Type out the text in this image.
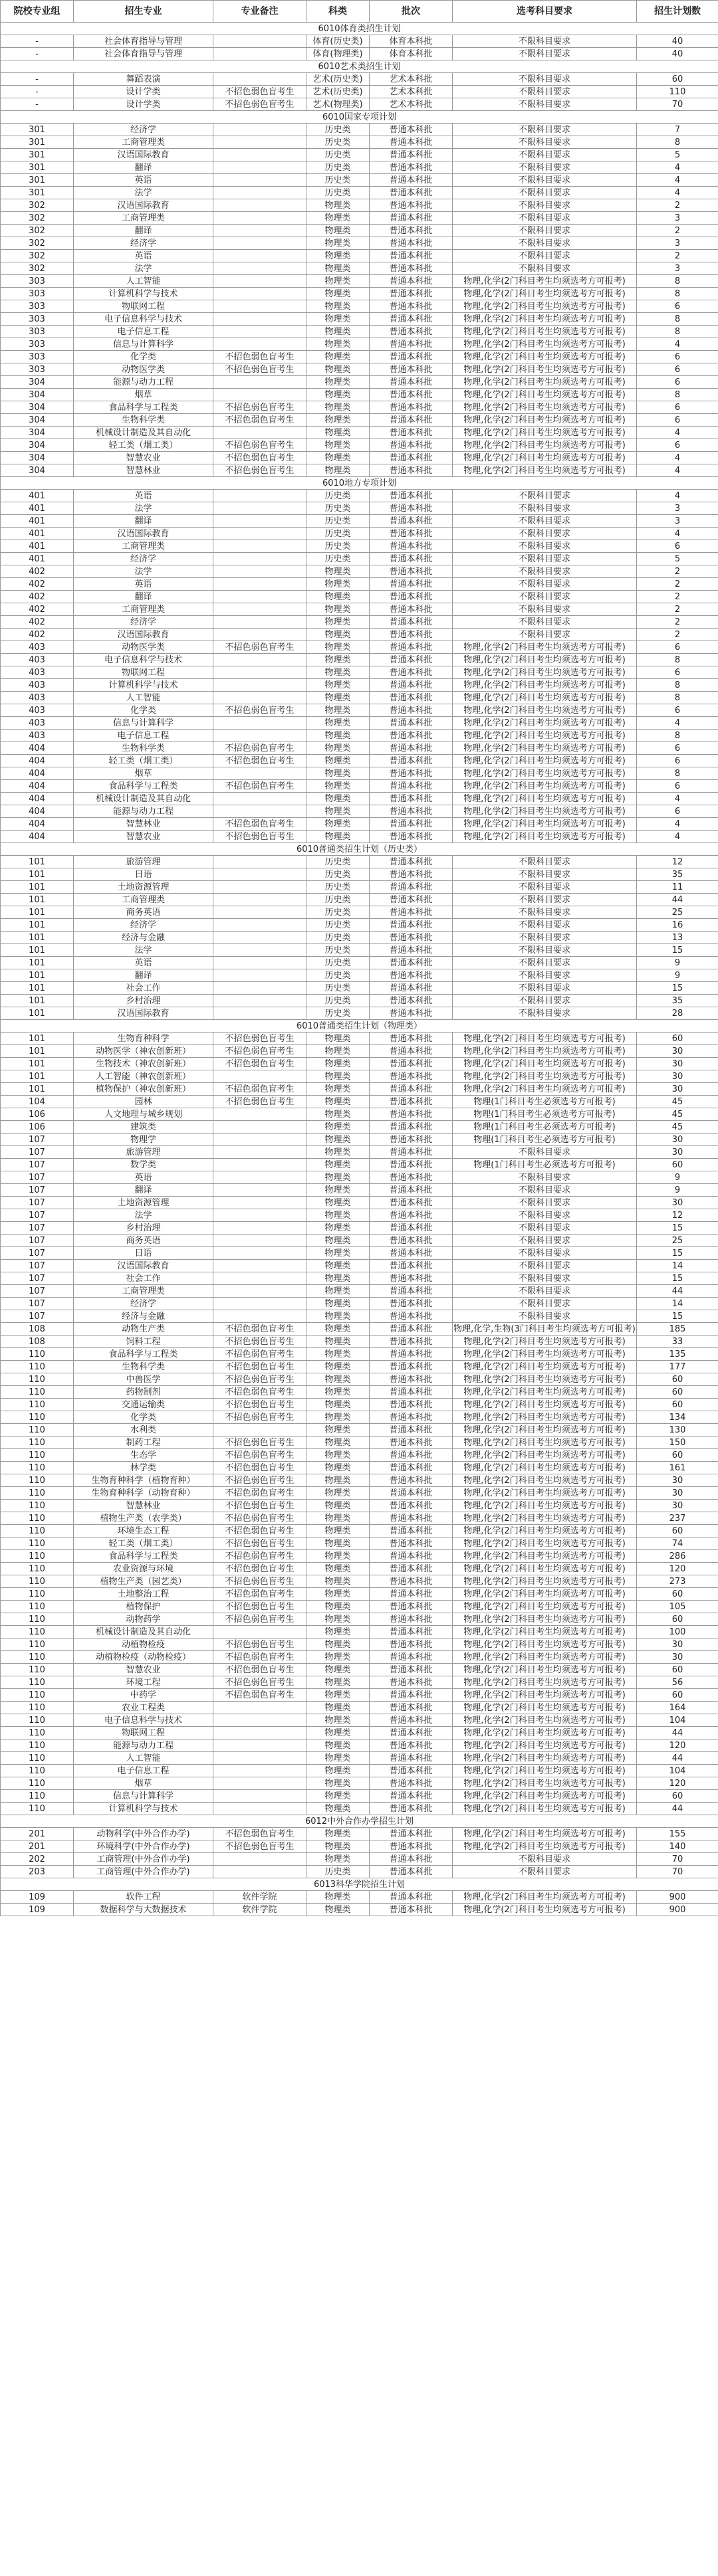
院校专业组	招生专业	专业备注	科类	批次	选考科目要求	招生计划数
6010体育类招生计划						
-	社会体育指导与管理		体育(历史类)	体育本科批	不限科目要求	40
-	社会体育指导与管理		体育(物理类)	体育本科批	不限科目要求	40
6010艺术类招生计划						
-	舞蹈表演		艺术(历史类)	艺术本科批	不限科目要求	60
-	设计学类	不招色弱色盲考生	艺术(历史类)	艺术本科批	不限科目要求	110
-	设计学类	不招色弱色盲考生	艺术(物理类)	艺术本科批	不限科目要求	70
6010国家专项计划						
301	经济学		历史类	普通本科批	不限科目要求	7
301	工商管理类		历史类	普通本科批	不限科目要求	8
301	汉语国际教育		历史类	普通本科批	不限科目要求	5
301	翻译		历史类	普通本科批	不限科目要求	4
301	英语		历史类	普通本科批	不限科目要求	4
301	法学		历史类	普通本科批	不限科目要求	4
302	汉语国际教育		物理类	普通本科批	不限科目要求	2
302	工商管理类		物理类	普通本科批	不限科目要求	3
302	翻译		物理类	普通本科批	不限科目要求	2
302	经济学		物理类	普通本科批	不限科目要求	3
302	英语		物理类	普通本科批	不限科目要求	2
302	法学		物理类	普通本科批	不限科目要求	3
303	人工智能		物理类	普通本科批	物理,化学(2门科目考生均须选考方可报考)	8
303	计算机科学与技术		物理类	普通本科批	物理,化学(2门科目考生均须选考方可报考)	8
303	物联网工程		物理类	普通本科批	物理,化学(2门科目考生均须选考方可报考)	6
303	电子信息科学与技术		物理类	普通本科批	物理,化学(2门科目考生均须选考方可报考)	8
303	电子信息工程		物理类	普通本科批	物理,化学(2门科目考生均须选考方可报考)	8
303	信息与计算科学		物理类	普通本科批	物理,化学(2门科目考生均须选考方可报考)	4
303	化学类	不招色弱色盲考生	物理类	普通本科批	物理,化学(2门科目考生均须选考方可报考)	6
303	动物医学类	不招色弱色盲考生	物理类	普通本科批	物理,化学(2门科目考生均须选考方可报考)	6
304	能源与动力工程		物理类	普通本科批	物理,化学(2门科目考生均须选考方可报考)	6
304	烟草		物理类	普通本科批	物理,化学(2门科目考生均须选考方可报考)	8
304	食品科学与工程类	不招色弱色盲考生	物理类	普通本科批	物理,化学(2门科目考生均须选考方可报考)	6
304	生物科学类	不招色弱色盲考生	物理类	普通本科批	物理,化学(2门科目考生均须选考方可报考)	6
304	机械设计制造及其自动化		物理类	普通本科批	物理,化学(2门科目考生均须选考方可报考)	4
304	轻工类（烟工类）	不招色弱色盲考生	物理类	普通本科批	物理,化学(2门科目考生均须选考方可报考)	6
304	智慧农业	不招色弱色盲考生	物理类	普通本科批	物理,化学(2门科目考生均须选考方可报考)	4
304	智慧林业	不招色弱色盲考生	物理类	普通本科批	物理,化学(2门科目考生均须选考方可报考)	4
6010地方专项计划						
401	英语		历史类	普通本科批	不限科目要求	4
401	法学		历史类	普通本科批	不限科目要求	3
401	翻译		历史类	普通本科批	不限科目要求	3
401	汉语国际教育		历史类	普通本科批	不限科目要求	4
401	工商管理类		历史类	普通本科批	不限科目要求	6
401	经济学		历史类	普通本科批	不限科目要求	5
402	法学		物理类	普通本科批	不限科目要求	2
402	英语		物理类	普通本科批	不限科目要求	2
402	翻译		物理类	普通本科批	不限科目要求	2
402	工商管理类		物理类	普通本科批	不限科目要求	2
402	经济学		物理类	普通本科批	不限科目要求	2
402	汉语国际教育		物理类	普通本科批	不限科目要求	2
403	动物医学类	不招色弱色盲考生	物理类	普通本科批	物理,化学(2门科目考生均须选考方可报考)	6
403	电子信息科学与技术		物理类	普通本科批	物理,化学(2门科目考生均须选考方可报考)	8
403	物联网工程		物理类	普通本科批	物理,化学(2门科目考生均须选考方可报考)	6
403	计算机科学与技术		物理类	普通本科批	物理,化学(2门科目考生均须选考方可报考)	8
403	人工智能		物理类	普通本科批	物理,化学(2门科目考生均须选考方可报考)	8
403	化学类	不招色弱色盲考生	物理类	普通本科批	物理,化学(2门科目考生均须选考方可报考)	6
403	信息与计算科学		物理类	普通本科批	物理,化学(2门科目考生均须选考方可报考)	4
403	电子信息工程		物理类	普通本科批	物理,化学(2门科目考生均须选考方可报考)	8
404	生物科学类	不招色弱色盲考生	物理类	普通本科批	物理,化学(2门科目考生均须选考方可报考)	6
404	轻工类（烟工类）	不招色弱色盲考生	物理类	普通本科批	物理,化学(2门科目考生均须选考方可报考)	6
404	烟草		物理类	普通本科批	物理,化学(2门科目考生均须选考方可报考)	8
404	食品科学与工程类	不招色弱色盲考生	物理类	普通本科批	物理,化学(2门科目考生均须选考方可报考)	6
404	机械设计制造及其自动化		物理类	普通本科批	物理,化学(2门科目考生均须选考方可报考)	4
404	能源与动力工程		物理类	普通本科批	物理,化学(2门科目考生均须选考方可报考)	6
404	智慧林业	不招色弱色盲考生	物理类	普通本科批	物理,化学(2门科目考生均须选考方可报考)	4
404	智慧农业	不招色弱色盲考生	物理类	普通本科批	物理,化学(2门科目考生均须选考方可报考)	4
6010普通类招生计划（历史类）						
101	旅游管理		历史类	普通本科批	不限科目要求	12
101	日语		历史类	普通本科批	不限科目要求	35
101	土地资源管理		历史类	普通本科批	不限科目要求	11
101	工商管理类		历史类	普通本科批	不限科目要求	44
101	商务英语		历史类	普通本科批	不限科目要求	25
101	经济学		历史类	普通本科批	不限科目要求	16
101	经济与金融		历史类	普通本科批	不限科目要求	13
101	法学		历史类	普通本科批	不限科目要求	15
101	英语		历史类	普通本科批	不限科目要求	9
101	翻译		历史类	普通本科批	不限科目要求	9
101	社会工作		历史类	普通本科批	不限科目要求	15
101	乡村治理		历史类	普通本科批	不限科目要求	35
101	汉语国际教育		历史类	普通本科批	不限科目要求	28
6010普通类招生计划（物理类）						
101	生物育种科学	不招色弱色盲考生	物理类	普通本科批	物理,化学(2门科目考生均须选考方可报考)	60
101	动物医学（神农创新班）	不招色弱色盲考生	物理类	普通本科批	物理,化学(2门科目考生均须选考方可报考)	30
101	生物技术（神农创新班）	不招色弱色盲考生	物理类	普通本科批	物理,化学(2门科目考生均须选考方可报考)	30
101	人工智能（神农创新班）		物理类	普通本科批	物理,化学(2门科目考生均须选考方可报考)	30
101	植物保护（神农创新班）	不招色弱色盲考生	物理类	普通本科批	物理,化学(2门科目考生均须选考方可报考)	30
104	园林	不招色弱色盲考生	物理类	普通本科批	物理(1门科目考生必须选考方可报考)	45
106	人文地理与城乡规划		物理类	普通本科批	物理(1门科目考生必须选考方可报考)	45
106	建筑类		物理类	普通本科批	物理(1门科目考生必须选考方可报考)	45
107	物理学		物理类	普通本科批	物理(1门科目考生必须选考方可报考)	30
107	旅游管理		物理类	普通本科批	不限科目要求	30
107	数学类		物理类	普通本科批	物理(1门科目考生必须选考方可报考)	60
107	英语		物理类	普通本科批	不限科目要求	9
107	翻译		物理类	普通本科批	不限科目要求	9
107	土地资源管理		物理类	普通本科批	不限科目要求	30
107	法学		物理类	普通本科批	不限科目要求	12
107	乡村治理		物理类	普通本科批	不限科目要求	15
107	商务英语		物理类	普通本科批	不限科目要求	25
107	日语		物理类	普通本科批	不限科目要求	15
107	汉语国际教育		物理类	普通本科批	不限科目要求	14
107	社会工作		物理类	普通本科批	不限科目要求	15
107	工商管理类		物理类	普通本科批	不限科目要求	44
107	经济学		物理类	普通本科批	不限科目要求	14
107	经济与金融		物理类	普通本科批	不限科目要求	15
108	动物生产类	不招色弱色盲考生	物理类	普通本科批	物理,化学,生物(3门科目考生均须选考方可报考)	185
108	饲料工程	不招色弱色盲考生	物理类	普通本科批	物理,化学(2门科目考生均须选考方可报考)	33
110	食品科学与工程类	不招色弱色盲考生	物理类	普通本科批	物理,化学(2门科目考生均须选考方可报考)	135
110	生物科学类	不招色弱色盲考生	物理类	普通本科批	物理,化学(2门科目考生均须选考方可报考)	177
110	中兽医学	不招色弱色盲考生	物理类	普通本科批	物理,化学(2门科目考生均须选考方可报考)	60
110	药物制剂	不招色弱色盲考生	物理类	普通本科批	物理,化学(2门科目考生均须选考方可报考)	60
110	交通运输类	不招色弱色盲考生	物理类	普通本科批	物理,化学(2门科目考生均须选考方可报考)	60
110	化学类	不招色弱色盲考生	物理类	普通本科批	物理,化学(2门科目考生均须选考方可报考)	134
110	水利类		物理类	普通本科批	物理,化学(2门科目考生均须选考方可报考)	130
110	制药工程	不招色弱色盲考生	物理类	普通本科批	物理,化学(2门科目考生均须选考方可报考)	150
110	生态学	不招色弱色盲考生	物理类	普通本科批	物理,化学(2门科目考生均须选考方可报考)	60
110	林学类	不招色弱色盲考生	物理类	普通本科批	物理,化学(2门科目考生均须选考方可报考)	161
110	生物育种科学（植物育种）	不招色弱色盲考生	物理类	普通本科批	物理,化学(2门科目考生均须选考方可报考)	30
110	生物育种科学（动物育种）	不招色弱色盲考生	物理类	普通本科批	物理,化学(2门科目考生均须选考方可报考)	30
110	智慧林业	不招色弱色盲考生	物理类	普通本科批	物理,化学(2门科目考生均须选考方可报考)	30
110	植物生产类（农学类）	不招色弱色盲考生	物理类	普通本科批	物理,化学(2门科目考生均须选考方可报考)	237
110	环境生态工程	不招色弱色盲考生	物理类	普通本科批	物理,化学(2门科目考生均须选考方可报考)	60
110	轻工类（烟工类）	不招色弱色盲考生	物理类	普通本科批	物理,化学(2门科目考生均须选考方可报考)	74
110	食品科学与工程类	不招色弱色盲考生	物理类	普通本科批	物理,化学(2门科目考生均须选考方可报考)	286
110	农业资源与环境	不招色弱色盲考生	物理类	普通本科批	物理,化学(2门科目考生均须选考方可报考)	120
110	植物生产类（园艺类）	不招色弱色盲考生	物理类	普通本科批	物理,化学(2门科目考生均须选考方可报考)	273
110	土地整治工程	不招色弱色盲考生	物理类	普通本科批	物理,化学(2门科目考生均须选考方可报考)	60
110	植物保护	不招色弱色盲考生	物理类	普通本科批	物理,化学(2门科目考生均须选考方可报考)	105
110	动物药学	不招色弱色盲考生	物理类	普通本科批	物理,化学(2门科目考生均须选考方可报考)	60
110	机械设计制造及其自动化		物理类	普通本科批	物理,化学(2门科目考生均须选考方可报考)	100
110	动植物检疫	不招色弱色盲考生	物理类	普通本科批	物理,化学(2门科目考生均须选考方可报考)	30
110	动植物检疫（动物检疫）	不招色弱色盲考生	物理类	普通本科批	物理,化学(2门科目考生均须选考方可报考)	30
110	智慧农业	不招色弱色盲考生	物理类	普通本科批	物理,化学(2门科目考生均须选考方可报考)	60
110	环境工程	不招色弱色盲考生	物理类	普通本科批	物理,化学(2门科目考生均须选考方可报考)	56
110	中药学	不招色弱色盲考生	物理类	普通本科批	物理,化学(2门科目考生均须选考方可报考)	60
110	农业工程类		物理类	普通本科批	物理,化学(2门科目考生均须选考方可报考)	164
110	电子信息科学与技术		物理类	普通本科批	物理,化学(2门科目考生均须选考方可报考)	104
110	物联网工程		物理类	普通本科批	物理,化学(2门科目考生均须选考方可报考)	44
110	能源与动力工程		物理类	普通本科批	物理,化学(2门科目考生均须选考方可报考)	120
110	人工智能		物理类	普通本科批	物理,化学(2门科目考生均须选考方可报考)	44
110	电子信息工程		物理类	普通本科批	物理,化学(2门科目考生均须选考方可报考)	104
110	烟草		物理类	普通本科批	物理,化学(2门科目考生均须选考方可报考)	120
110	信息与计算科学		物理类	普通本科批	物理,化学(2门科目考生均须选考方可报考)	60
110	计算机科学与技术		物理类	普通本科批	物理,化学(2门科目考生均须选考方可报考)	44
6012中外合作办学招生计划						
201	动物科学(中外合作办学)	不招色弱色盲考生	物理类	普通本科批	物理,化学(2门科目考生均须选考方可报考)	155
201	环境科学(中外合作办学)	不招色弱色盲考生	物理类	普通本科批	物理,化学(2门科目考生均须选考方可报考)	140
202	工商管理(中外合作办学)		物理类	普通本科批	不限科目要求	70
203	工商管理(中外合作办学)		历史类	普通本科批	不限科目要求	70
6013科华学院招生计划						
109	软件工程	软件学院	物理类	普通本科批	物理,化学(2门科目考生均须选考方可报考)	900
109	数据科学与大数据技术	软件学院	物理类	普通本科批	物理,化学(2门科目考生均须选考方可报考)	900
